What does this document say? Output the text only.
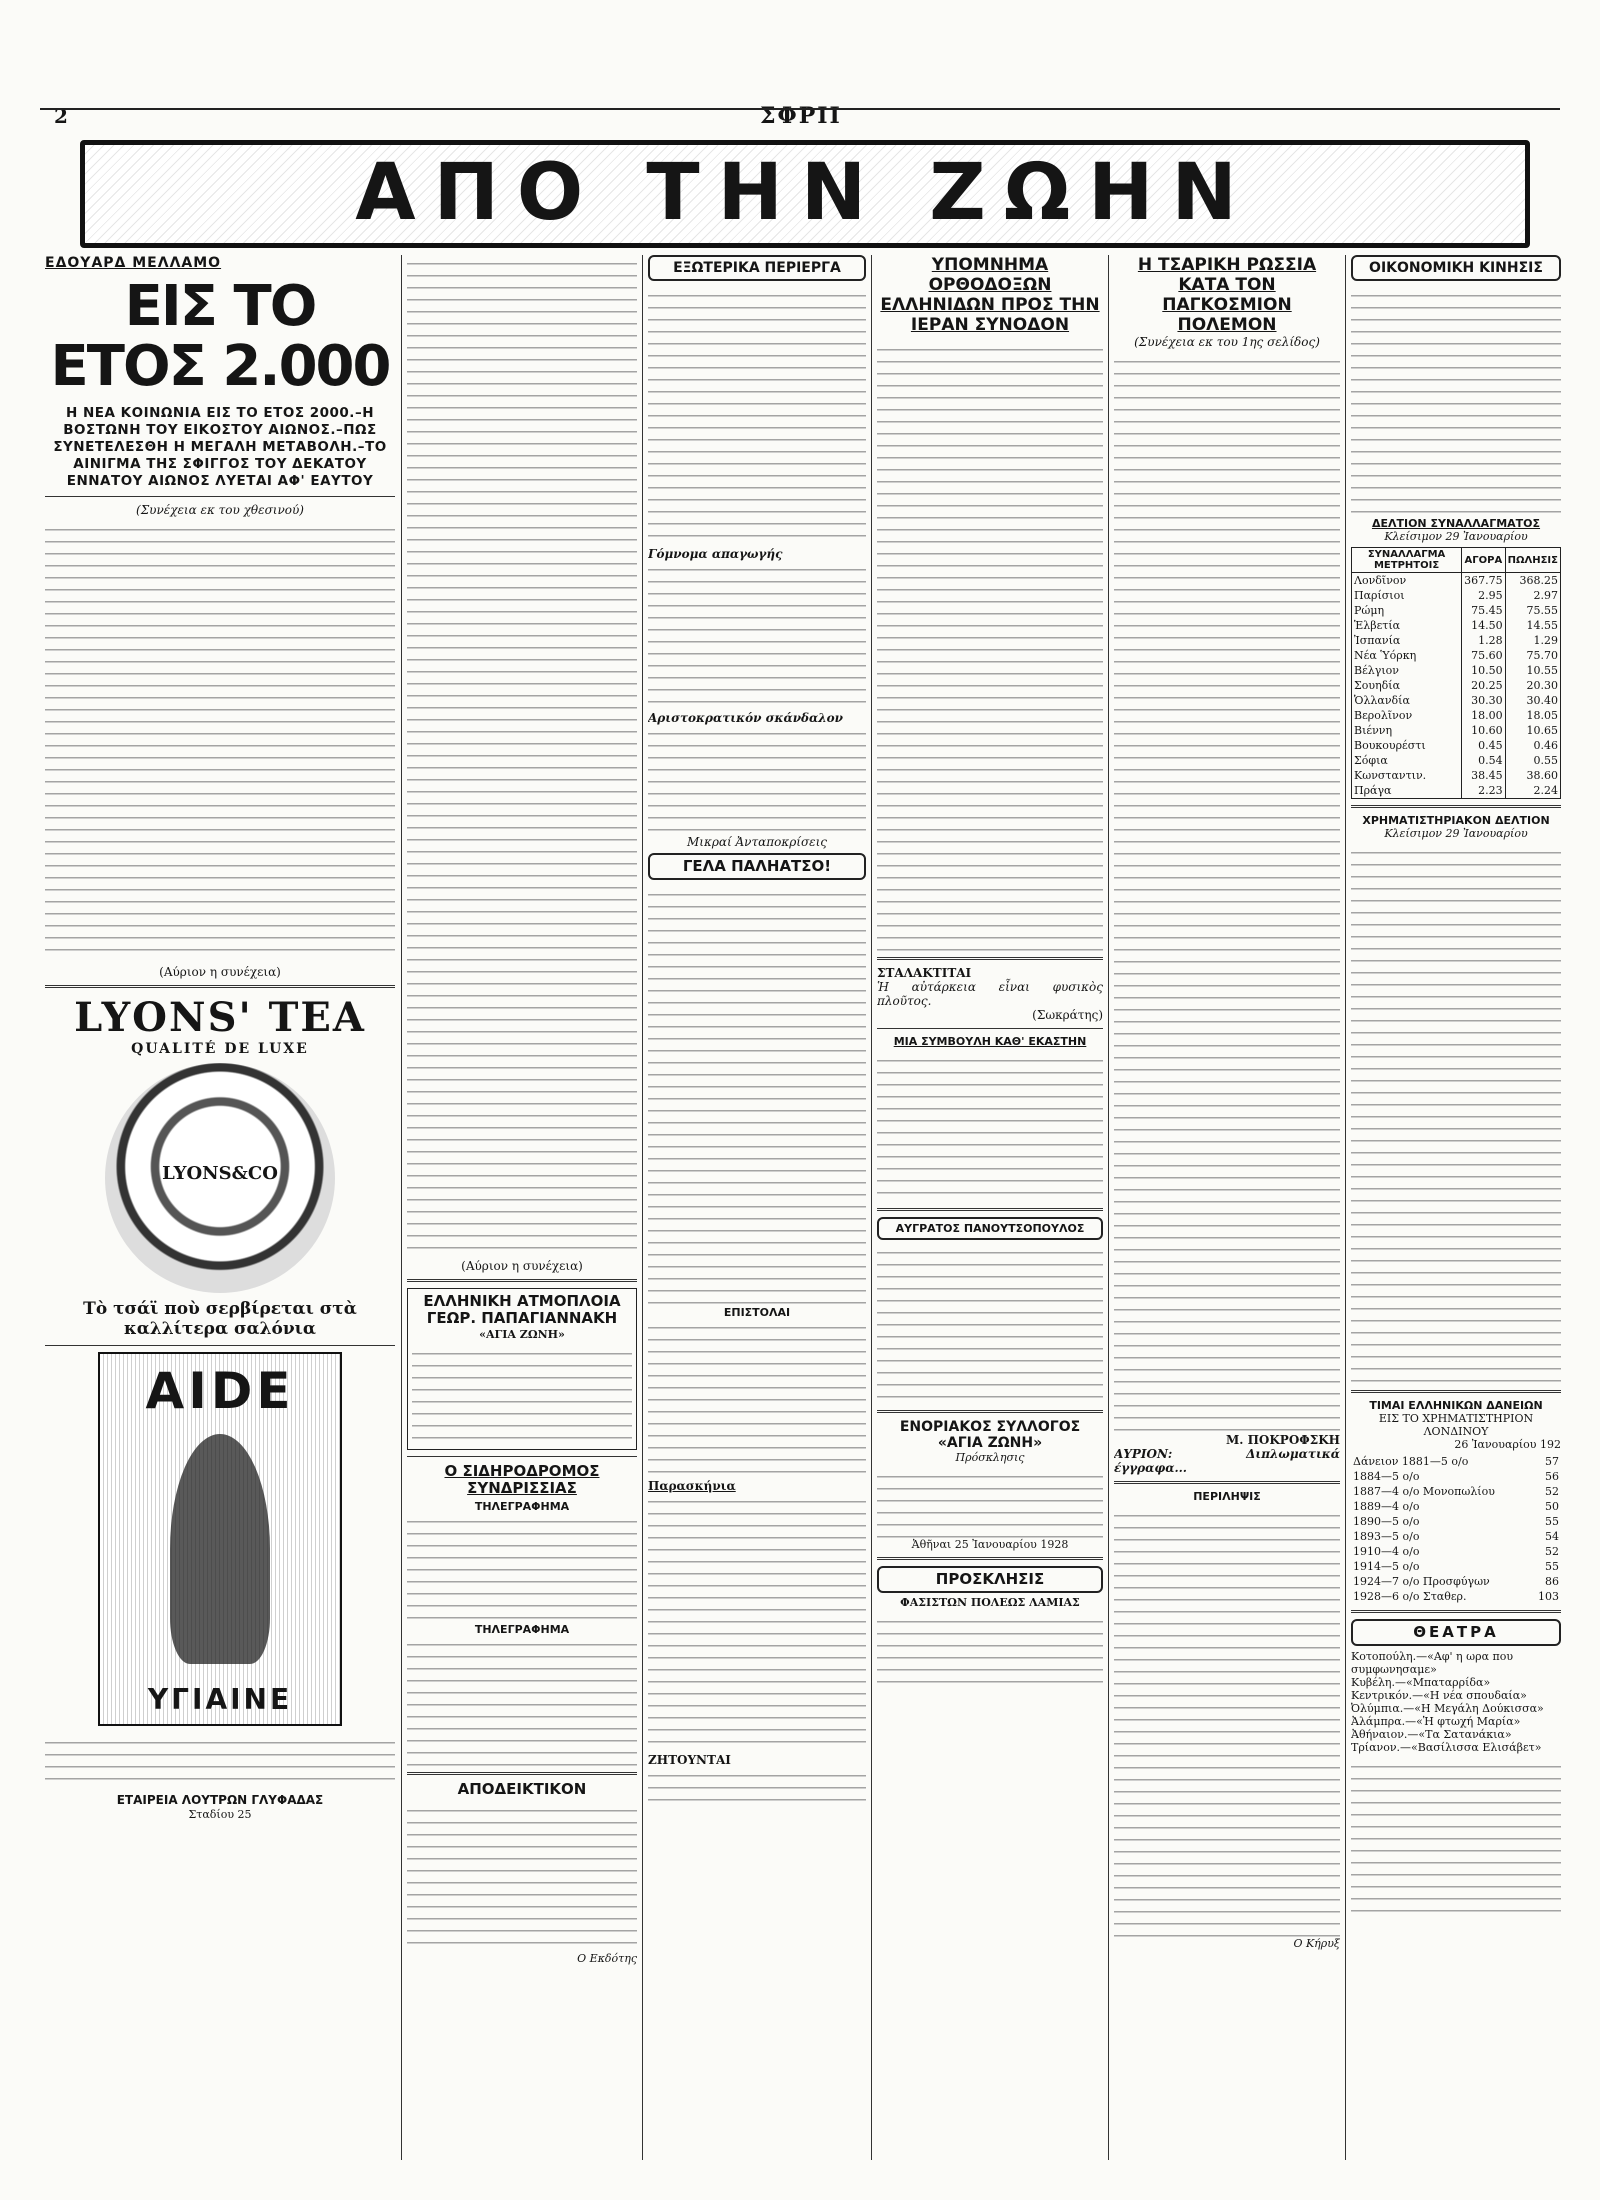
2	ΣΦΡΙΙ
ΑΠΟ ΤΗΝ ΖΩΗΝ
ΕΔΟΥΑΡΔ ΜΕΛΛΑΜΟ
ΕΙΣ ΤΟ ΕΤΟΣ 2.000
Η ΝΕΑ ΚΟΙΝΩΝΙΑ ΕΙΣ ΤΟ ΕΤΟΣ 2000.–Η ΒΟΣΤΩΝΗ ΤΟΥ ΕΙΚΟΣΤΟΥ ΑΙΩΝΟΣ.–ΠΩΣ ΣΥΝΕΤΕΛΕΣΘΗ Η ΜΕΓΑΛΗ ΜΕΤΑΒΟΛΗ.–ΤΟ ΑΙΝΙΓΜΑ ΤΗΣ ΣΦΙΓΓΟΣ ΤΟΥ ΔΕΚΑΤΟΥ ΕΝΝΑΤΟΥ ΑΙΩΝΟΣ ΛΥΕΤΑΙ ΑΦ' ΕΑΥΤΟΥ
(Συνέχεια εκ του χθεσινού)
(Αύριον η συνέχεια)
LYONS' TEA
QUALITÉ DE LUXE
LYONS&CO
Τὸ τσάϊ ποὺ σερβίρεται στὰ καλλίτερα σαλόνια
AIDE
ΥΓΙΑΙΝΕ
ΕΤΑΙΡΕΙΑ ΛΟΥΤΡΩΝ ΓΛΥΦΑΔΑΣ
Σταδίου 25
(Αύριον η συνέχεια)
ΕΛΛΗΝΙΚΗ ΑΤΜΟΠΛΟΙΑ ΓΕΩΡ. ΠΑΠΑΓΙΑΝΝΑΚΗ
«ΑΓΙΑ ΖΩΝΗ»
Ο ΣΙΔΗΡΟΔΡΟΜΟΣ ΣΥΝΔΡΙΣΣΙΑΣ
ΤΗΛΕΓΡΑΦΗΜΑ
ΤΗΛΕΓΡΑΦΗΜΑ
ΑΠΟΔΕΙΚΤΙΚΟΝ
Ο Εκδότης
ΕΞΩΤΕΡΙΚΑ ΠΕΡΙΕΡΓΑ
Γόμνομα απαγωγής
Αριστοκρατικόν σκάνδαλον
Μικραί Ἀνταποκρίσεις
ΓΕΛΑ ΠΑΛΗΑΤΣΟ!
ΕΠΙΣΤΟΛΑΙ
Παρασκήνια
ΖΗΤΟΥΝΤΑΙ
ΥΠΟΜΝΗΜΑ ΟΡΘΟΔΟΞΩΝ ΕΛΛΗΝΙΔΩΝ ΠΡΟΣ ΤΗΝ ΙΕΡΑΝ ΣΥΝΟΔΟΝ
ΣΤΑΛΑΚΤΙΤΑΙ
Ἡ αὐτάρκεια εἶναι φυσικὸς πλοῦτος.
(Σωκράτης)
ΜΙΑ ΣΥΜΒΟΥΛΗ ΚΑΘ' ΕΚΑΣΤΗΝ
ΑΥΓΡΑΤΟΣ ΠΑΝΟΥΤΣΟΠΟΥΛΟΣ
ΕΝΟΡΙΑΚΟΣ ΣΥΛΛΟΓΟΣ «ΑΓΙΑ ΖΩΝΗ»
Πρόσκλησις
Ἀθῆναι 25 Ἰανουαρίου 1928
ΠΡΟΣΚΛΗΣΙΣ
ΦΑΣΙΣΤΩΝ ΠΟΛΕΩΣ ΛΑΜΙΑΣ
Η ΤΣΑΡΙΚΗ ΡΩΣΣΙΑ ΚΑΤΑ ΤΟΝ ΠΑΓΚΟΣΜΙΟΝ ΠΟΛΕΜΟΝ
(Συνέχεια εκ του 1ης σελίδος)
Μ. ΠΟΚΡΟΦΣΚΗ
ΑΥΡΙΟΝ: Διπλωματικά έγγραφα...
ΠΕΡΙΛΗΨΙΣ
Ο Κήρυξ
ΟΙΚΟΝΟΜΙΚΗ ΚΙΝΗΣΙΣ
ΔΕΛΤΙΟΝ ΣΥΝΑΛΛΑΓΜΑΤΟΣ
Κλείσιμον 29 Ἰανουαρίου
ΣΥΝΑΛΛΑΓΜΑ ΜΕΤΡΗΤΟΙΣ	ΑΓΟΡΑ	ΠΩΛΗΣΙΣ
Λονδῖνον	367.75	368.25
Παρίσιοι	2.95	2.97
Ρώμη	75.45	75.55
Ἑλβετία	14.50	14.55
Ἰσπανία	1.28	1.29
Νέα Ὑόρκη	75.60	75.70
Βέλγιον	10.50	10.55
Σουηδία	20.25	20.30
Ὁλλανδία	30.30	30.40
Βερολῖνον	18.00	18.05
Βιέννη	10.60	10.65
Βουκουρέστι	0.45	0.46
Σόφια	0.54	0.55
Κωνσταντιν.	38.45	38.60
Πράγα	2.23	2.24
ΧΡΗΜΑΤΙΣΤΗΡΙΑΚΟΝ ΔΕΛΤΙΟΝ
Κλείσιμον 29 Ἰανουαρίου
ΤΙΜΑΙ ΕΛΛΗΝΙΚΩΝ ΔΑΝΕΙΩΝ
ΕΙΣ ΤΟ ΧΡΗΜΑΤΙΣΤΗΡΙΟΝ ΛΟΝΔΙΝΟΥ
26 Ἰανουαρίου 192
Δάνειον 1881—5 ο/ο	57
1884—5 ο/ο	56
1887—4 ο/ο Μονοπωλίου	52
1889—4 ο/ο	50
1890—5 ο/ο	55
1893—5 ο/ο	54
1910—4 ο/ο	52
1914—5 ο/ο	55
1924—7 ο/ο Προσφύγων	86
1928—6 ο/ο Σταθερ.	103
ΘΕΑΤΡΑ
Κοτοπούλη.—«Αφ' η ωρα που συμφωνησαμε»
Κυβέλη.—«Μπαταρρίδα»
Κεντρικόν.—«Η νέα σπουδαία»
Ὀλύμπια.—«Η Μεγάλη Δούκισσα»
Ἀλάμπρα.—«Ἡ φτωχή Μαρία»
Ἀθήναιον.—«Τα Σατανάκια»
Τρίανον.—«Βασίλισσα Ελισάβετ»
